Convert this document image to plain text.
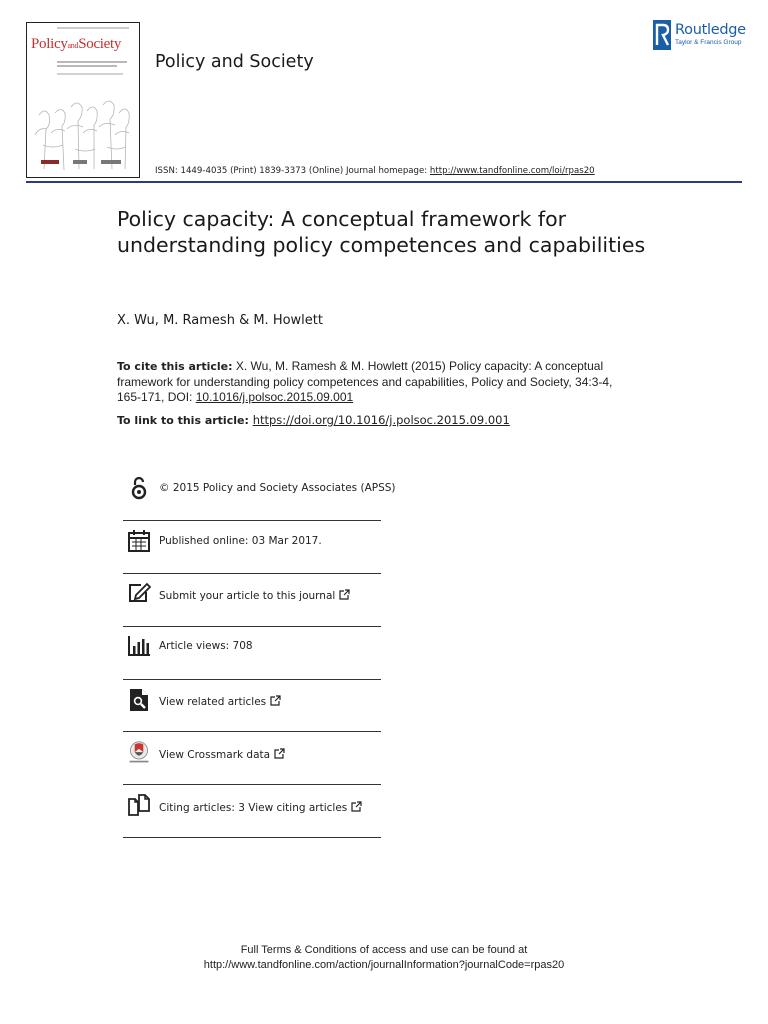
PolicyandSociety
Policy and Society
ISSN: 1449-4035 (Print) 1839-3373 (Online) Journal homepage: http://www.tandfonline.com/loi/rpas20
Routledge
Taylor & Francis Group
Policy capacity: A conceptual framework for understanding policy competences and capabilities
X. Wu, M. Ramesh & M. Howlett
To cite this article: X. Wu, M. Ramesh & M. Howlett (2015) Policy capacity: A conceptual framework for understanding policy competences and capabilities, Policy and Society, 34:3-4, 165-171, DOI: 10.1016/j.polsoc.2015.09.001
To link to this article: https://doi.org/10.1016/j.polsoc.2015.09.001
© 2015 Policy and Society Associates (APSS)
Published online: 03 Mar 2017.
Submit your article to this journal
Article views: 708
View related articles
View Crossmark data
Citing articles: 3 View citing articles
Full Terms & Conditions of access and use can be found at
http://www.tandfonline.com/action/journalInformation?journalCode=rpas20
